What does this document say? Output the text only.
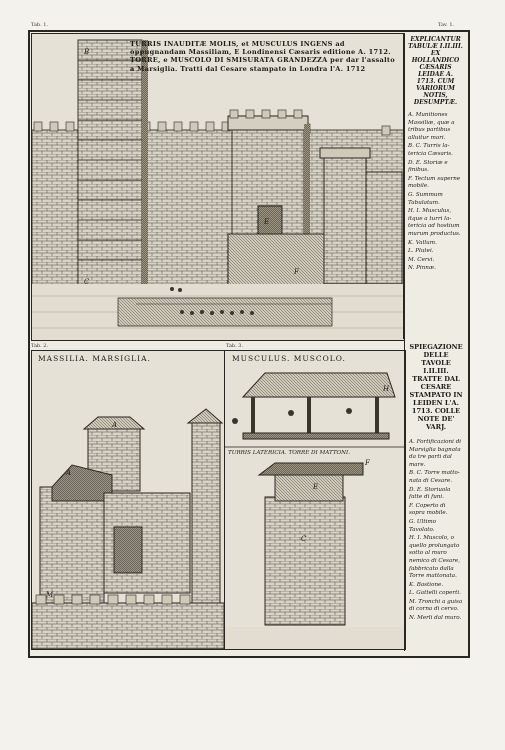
Tab. 1.	Tav. 1.
B
C
E
F
TURRIS INAUDITÆ MOLIS, et MUSCULUS INGENS ad oppugnandam Massiliam, E Londinensi Cæsaris editione A. 1712.
TORRE, e MUSCOLO DI SMISURATA GRANDEZZA per dar l'assalto a Marsiglia. Tratti dal Cesare stampato in Londra l'A. 1712
EXPLICANTUR TABULÆ I.II.III. EX HOLLANDICO CÆSARIS LEIDAE A. 1713. CUM VARIORUM NOTIS, DESUMPTÆ.
A. Munitiones Massiliæ, quæ a tribus partibus alluitur mari.
B. C. Turris latericia Cæsaris.
D. E. Storiæ e finibus.
F. Tectum superne mobile.
G. Summum Tabulatum.
H. I. Musculus, itque a turri latericia ad hostium murum productus.
K. Vallum.
L. Plutei.
M. Cervi.
N. Pinnæ.
Tab. 2.	Tab. 3.
A
A
M
MASSILIA. MARSIGLIA.
H
E
F
C
MUSCULUS. MUSCOLO.
TURRIS LATERICIA. TORRE DI MATTONI.
SPIEGAZIONE DELLE TAVOLE I.II.III. TRATTE DAL CESARE STAMPATO IN LEIDEN L'A. 1713. COLLE NOTE DE' VARJ.
A. Fortificazioni di Marsiglia bagnata da tre parti dal mare.
B. C. Torre mattonata di Cesare.
D. E. Storiuola fatte di funi.
F. Coperto di sopra mobile.
G. Ultimo Tavolato.
H. I. Muscolo, o quello prolungato sotto al muro nemico di Cesare, fabbricato dalla Torre mattonata.
K. Bastione.
L. Gattelli coperti.
M. Tronchi a guisa di corna di cervo.
N. Merli dal muro.
